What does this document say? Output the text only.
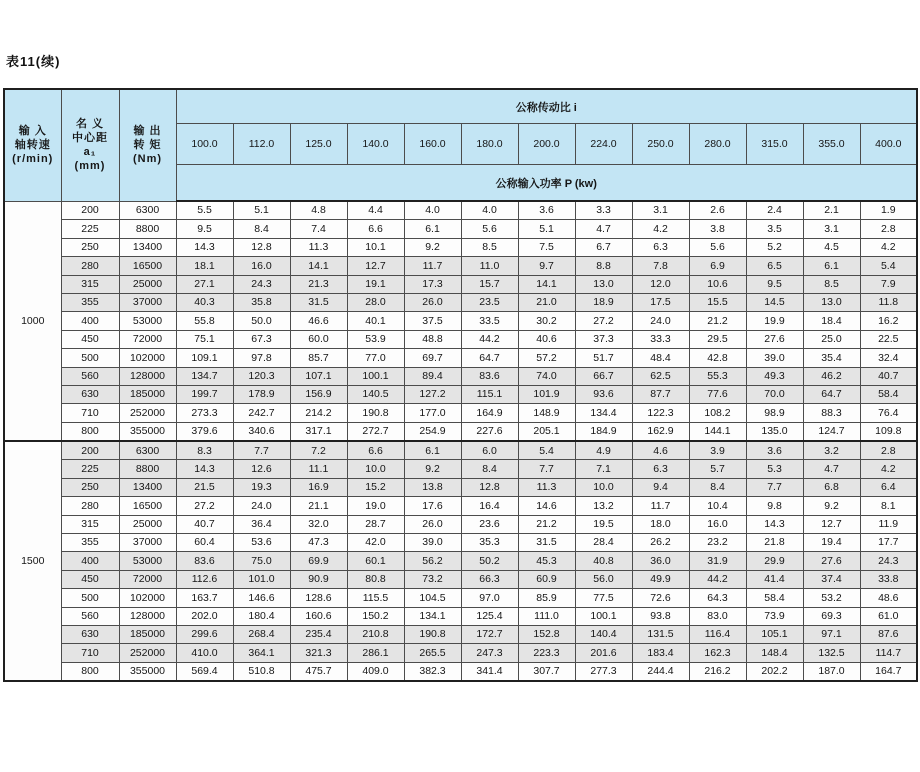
表11(续)
输 入
轴转速
(r/min)

名 义
中心距
a₁
(mm)

输 出
转 矩
(Nm)
	公称传动比 i
			100.0	112.0	125.0	140.0	160.0	180.0	200.0	224.0	250.0	280.0	315.0	355.0	400.0
			公称输入功率 P (kw)												
1000	200	6300	5.5	5.1	4.8	4.4	4.0	4.0	3.6	3.3	3.1	2.6	2.4	2.1	1.9
	225	8800	9.5	8.4	7.4	6.6	6.1	5.6	5.1	4.7	4.2	3.8	3.5	3.1	2.8
	250	13400	14.3	12.8	11.3	10.1	9.2	8.5	7.5	6.7	6.3	5.6	5.2	4.5	4.2
	280	16500	18.1	16.0	14.1	12.7	11.7	11.0	9.7	8.8	7.8	6.9	6.5	6.1	5.4
	315	25000	27.1	24.3	21.3	19.1	17.3	15.7	14.1	13.0	12.0	10.6	9.5	8.5	7.9
	355	37000	40.3	35.8	31.5	28.0	26.0	23.5	21.0	18.9	17.5	15.5	14.5	13.0	11.8
	400	53000	55.8	50.0	46.6	40.1	37.5	33.5	30.2	27.2	24.0	21.2	19.9	18.4	16.2
	450	72000	75.1	67.3	60.0	53.9	48.8	44.2	40.6	37.3	33.3	29.5	27.6	25.0	22.5
	500	102000	109.1	97.8	85.7	77.0	69.7	64.7	57.2	51.7	48.4	42.8	39.0	35.4	32.4
	560	128000	134.7	120.3	107.1	100.1	89.4	83.6	74.0	66.7	62.5	55.3	49.3	46.2	40.7
	630	185000	199.7	178.9	156.9	140.5	127.2	115.1	101.9	93.6	87.7	77.6	70.0	64.7	58.4
	710	252000	273.3	242.7	214.2	190.8	177.0	164.9	148.9	134.4	122.3	108.2	98.9	88.3	76.4
	800	355000	379.6	340.6	317.1	272.7	254.9	227.6	205.1	184.9	162.9	144.1	135.0	124.7	109.8
1500	200	6300	8.3	7.7	7.2	6.6	6.1	6.0	5.4	4.9	4.6	3.9	3.6	3.2	2.8
	225	8800	14.3	12.6	11.1	10.0	9.2	8.4	7.7	7.1	6.3	5.7	5.3	4.7	4.2
	250	13400	21.5	19.3	16.9	15.2	13.8	12.8	11.3	10.0	9.4	8.4	7.7	6.8	6.4
	280	16500	27.2	24.0	21.1	19.0	17.6	16.4	14.6	13.2	11.7	10.4	9.8	9.2	8.1
	315	25000	40.7	36.4	32.0	28.7	26.0	23.6	21.2	19.5	18.0	16.0	14.3	12.7	11.9
	355	37000	60.4	53.6	47.3	42.0	39.0	35.3	31.5	28.4	26.2	23.2	21.8	19.4	17.7
	400	53000	83.6	75.0	69.9	60.1	56.2	50.2	45.3	40.8	36.0	31.9	29.9	27.6	24.3
	450	72000	112.6	101.0	90.9	80.8	73.2	66.3	60.9	56.0	49.9	44.2	41.4	37.4	33.8
	500	102000	163.7	146.6	128.6	115.5	104.5	97.0	85.9	77.5	72.6	64.3	58.4	53.2	48.6
	560	128000	202.0	180.4	160.6	150.2	134.1	125.4	111.0	100.1	93.8	83.0	73.9	69.3	61.0
	630	185000	299.6	268.4	235.4	210.8	190.8	172.7	152.8	140.4	131.5	116.4	105.1	97.1	87.6
	710	252000	410.0	364.1	321.3	286.1	265.5	247.3	223.3	201.6	183.4	162.3	148.4	132.5	114.7
	800	355000	569.4	510.8	475.7	409.0	382.3	341.4	307.7	277.3	244.4	216.2	202.2	187.0	164.7
